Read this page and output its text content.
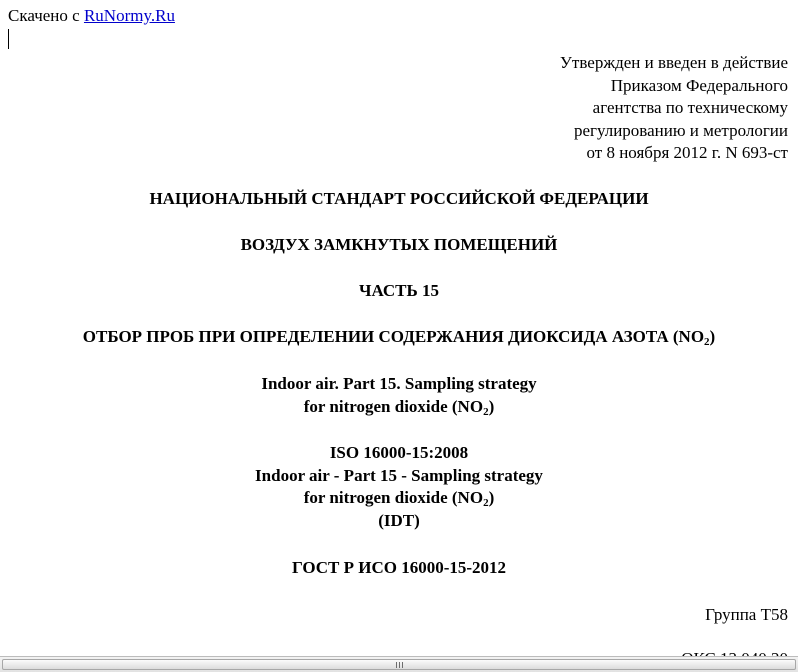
Скачено с RuNormy.Ru
Утвержден и введен в действие
Приказом Федерального
агентства по техническому
регулированию и метрологии
от 8 ноября 2012 г. N 693-ст
НАЦИОНАЛЬНЫЙ СТАНДАРТ РОССИЙСКОЙ ФЕДЕРАЦИИ
ВОЗДУХ ЗАМКНУТЫХ ПОМЕЩЕНИЙ
ЧАСТЬ 15
ОТБОР ПРОБ ПРИ ОПРЕДЕЛЕНИИ СОДЕРЖАНИЯ ДИОКСИДА АЗОТА $(NO_2)$
Indoor air. Part 15. Sampling strategy
for nitrogen dioxide $(NO_2)$
ISO 16000-15:2008
Indoor air - Part 15 - Sampling strategy
for nitrogen dioxide $(NO_2)$
(IDT)
ГОСТ Р ИСО 16000-15-2012
Группа Т58
